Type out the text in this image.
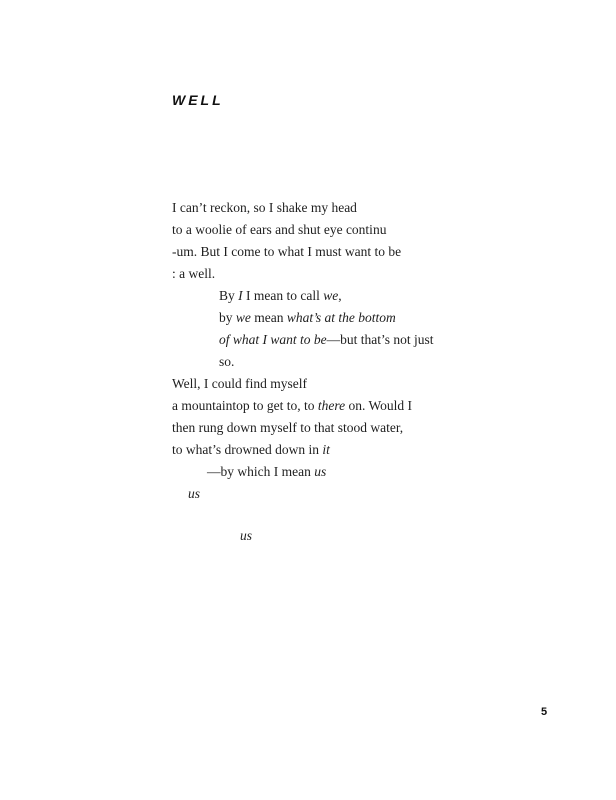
WELL
I can’t reckon, so I shake my head
to a woolie of ears and shut eye continu
-um. But I come to what I must want to be
: a well.
By I I mean to call we,
by we mean what’s at the bottom
of what I want to be—but that’s not just
so.
Well, I could find myself
a mountaintop to get to, to there on. Would I
then rung down myself to that stood water,
to what’s drowned down in it
—by which I mean us
us
us
5
